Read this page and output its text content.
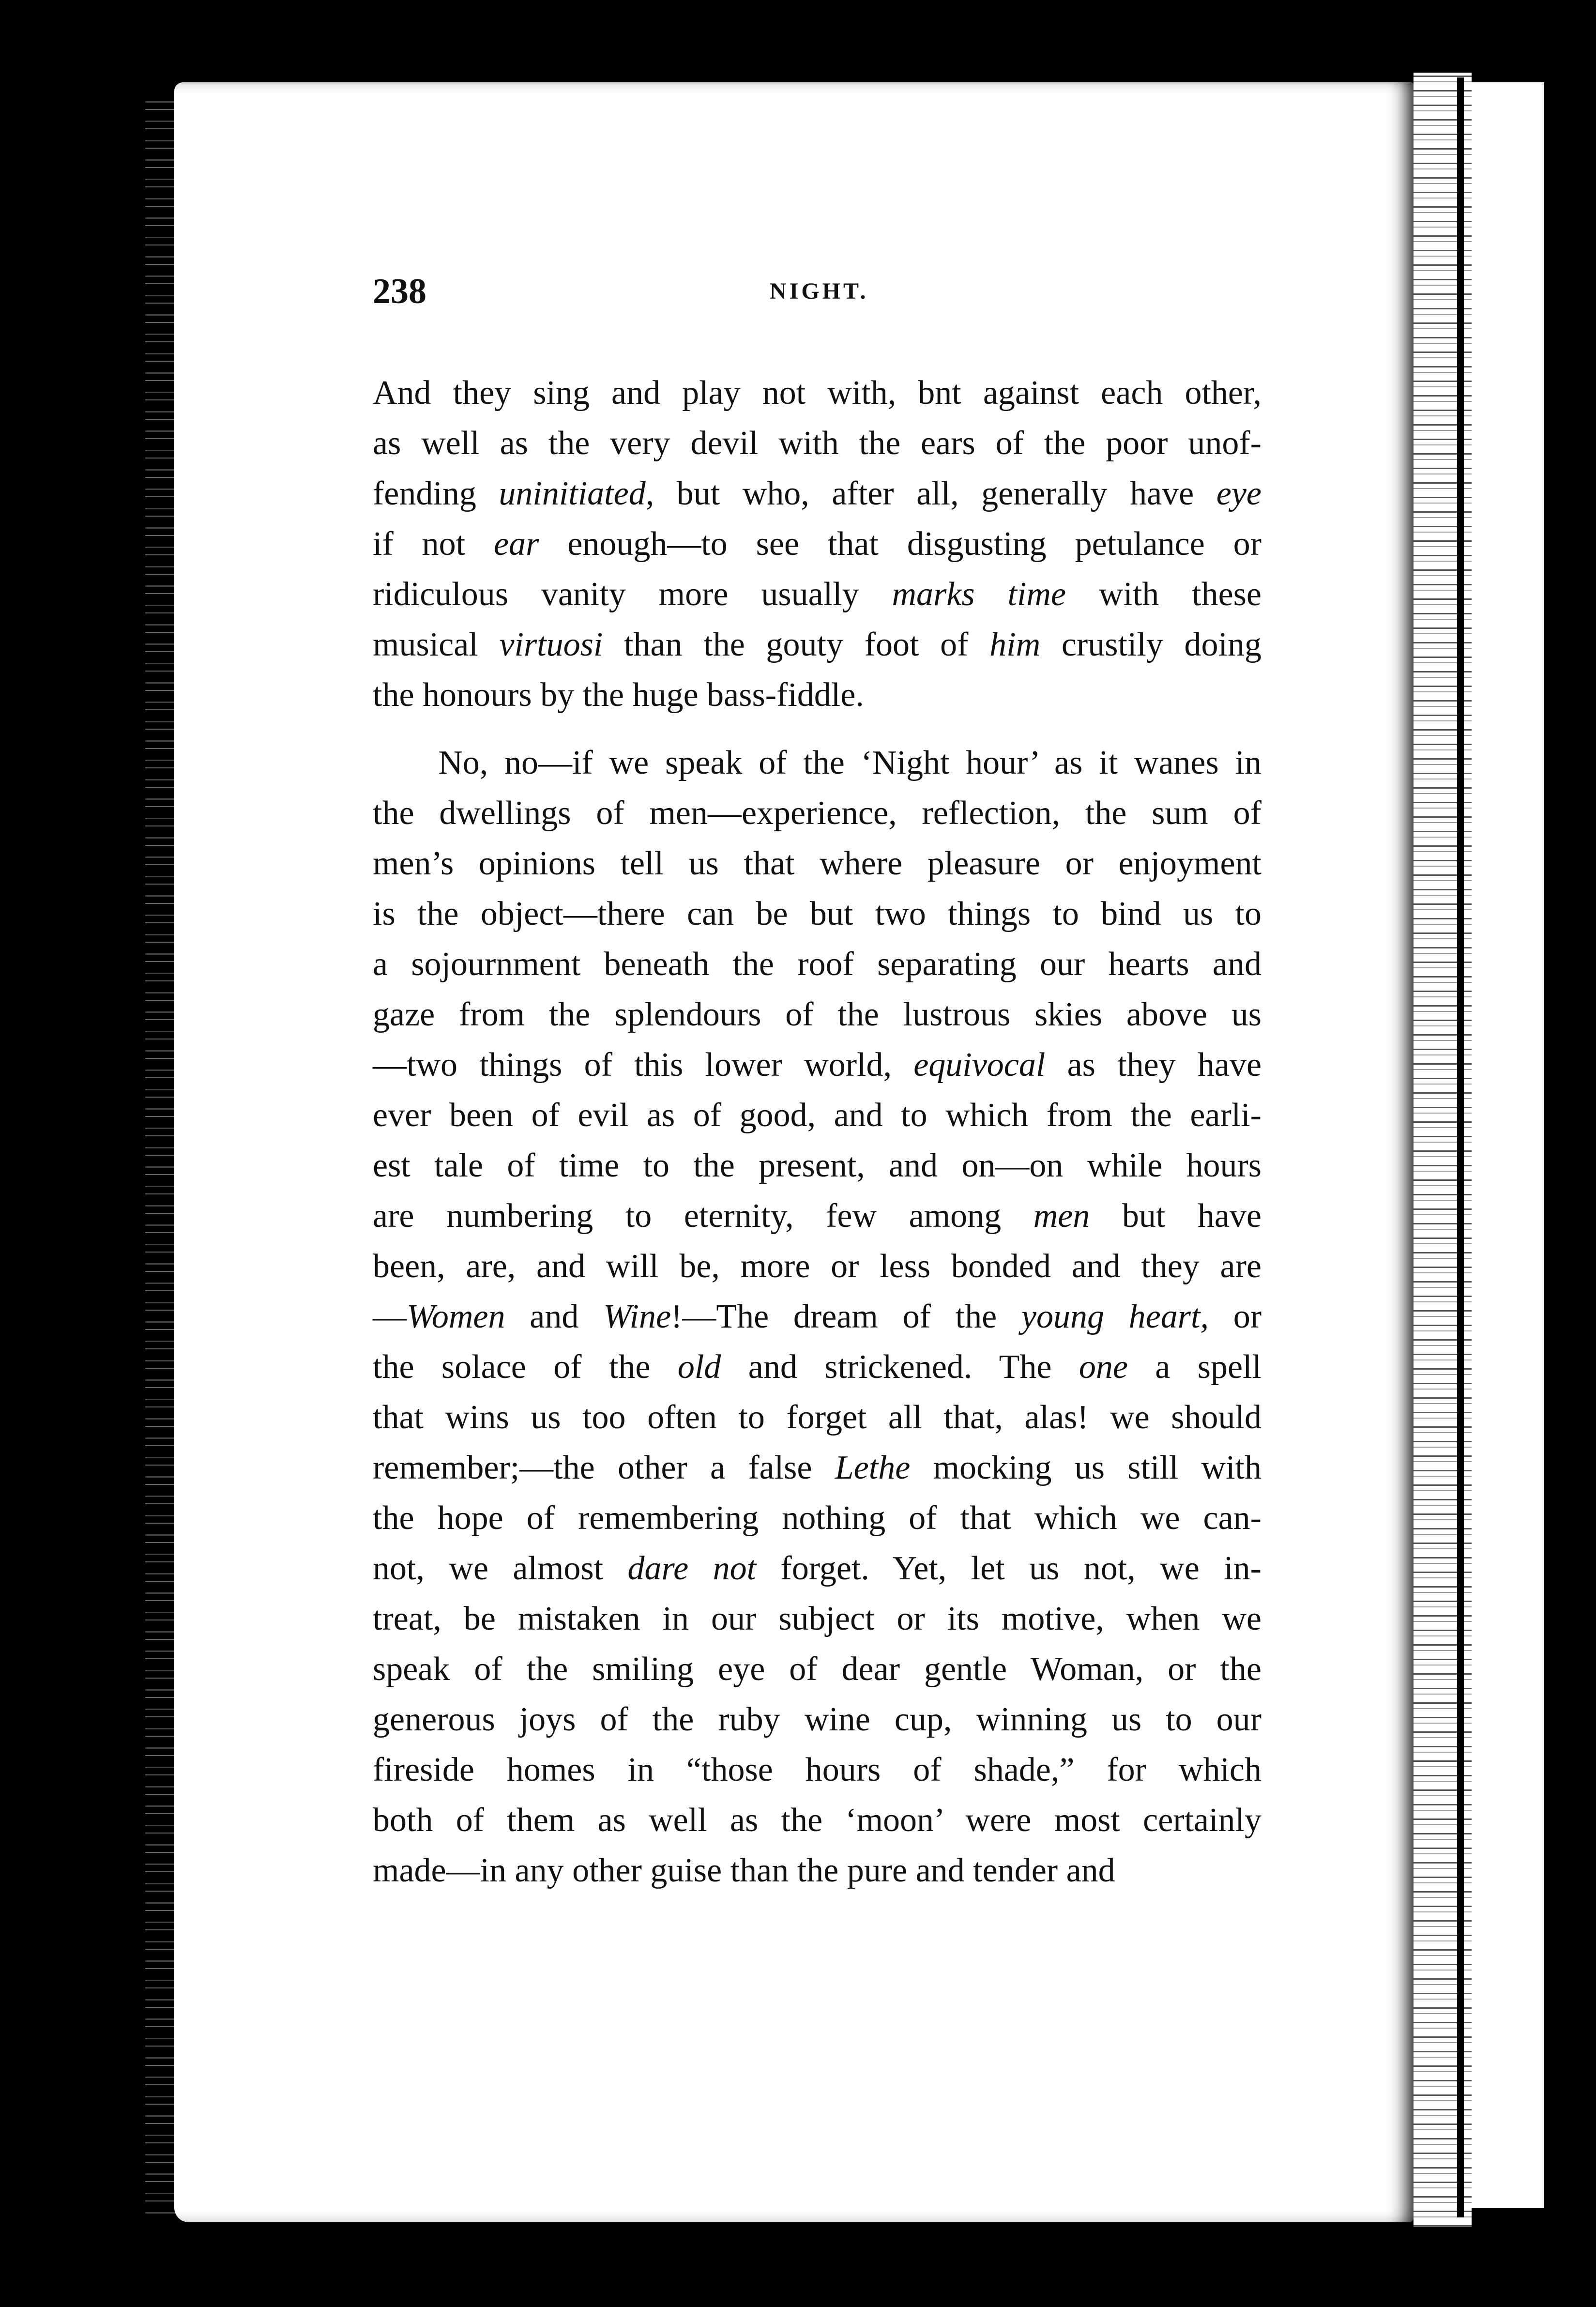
s
v
e
e
t
238	NIGHT.
And they sing and play not with, bnt against each other,
as well as the very devil with the ears of the poor unof-
fending uninitiated, but who, after all, generally have eye
if not ear enough—to see that disgusting petulance or
ridiculous vanity more usually marks time with these
musical virtuosi than the gouty foot of him crustily doing
the honours by the huge bass-fiddle.
No, no—if we speak of the ‘Night hour’ as it wanes in
the dwellings of men—experience, reflection, the sum of
men’s opinions tell us that where pleasure or enjoyment
is the object—there can be but two things to bind us to
a sojournment beneath the roof separating our hearts and
gaze from the splendours of the lustrous skies above us
—two things of this lower world, equivocal as they have
ever been of evil as of good, and to which from the earli-
est tale of time to the present, and on—on while hours
are numbering to eternity, few among men but have
been, are, and will be, more or less bonded and they are
—Women and Wine!—The dream of the young heart, or
the solace of the old and strickened. The one a spell
that wins us too often to forget all that, alas! we should
remember;—the other a false Lethe mocking us still with
the hope of remembering nothing of that which we can-
not, we almost dare not forget. Yet, let us not, we in-
treat, be mistaken in our subject or its motive, when we
speak of the smiling eye of dear gentle Woman, or the
generous joys of the ruby wine cup, winning us to our
fireside homes in “those hours of shade,” for which
both of them as well as the ‘moon’ were most certainly
made—in any other guise than the pure and tender and
